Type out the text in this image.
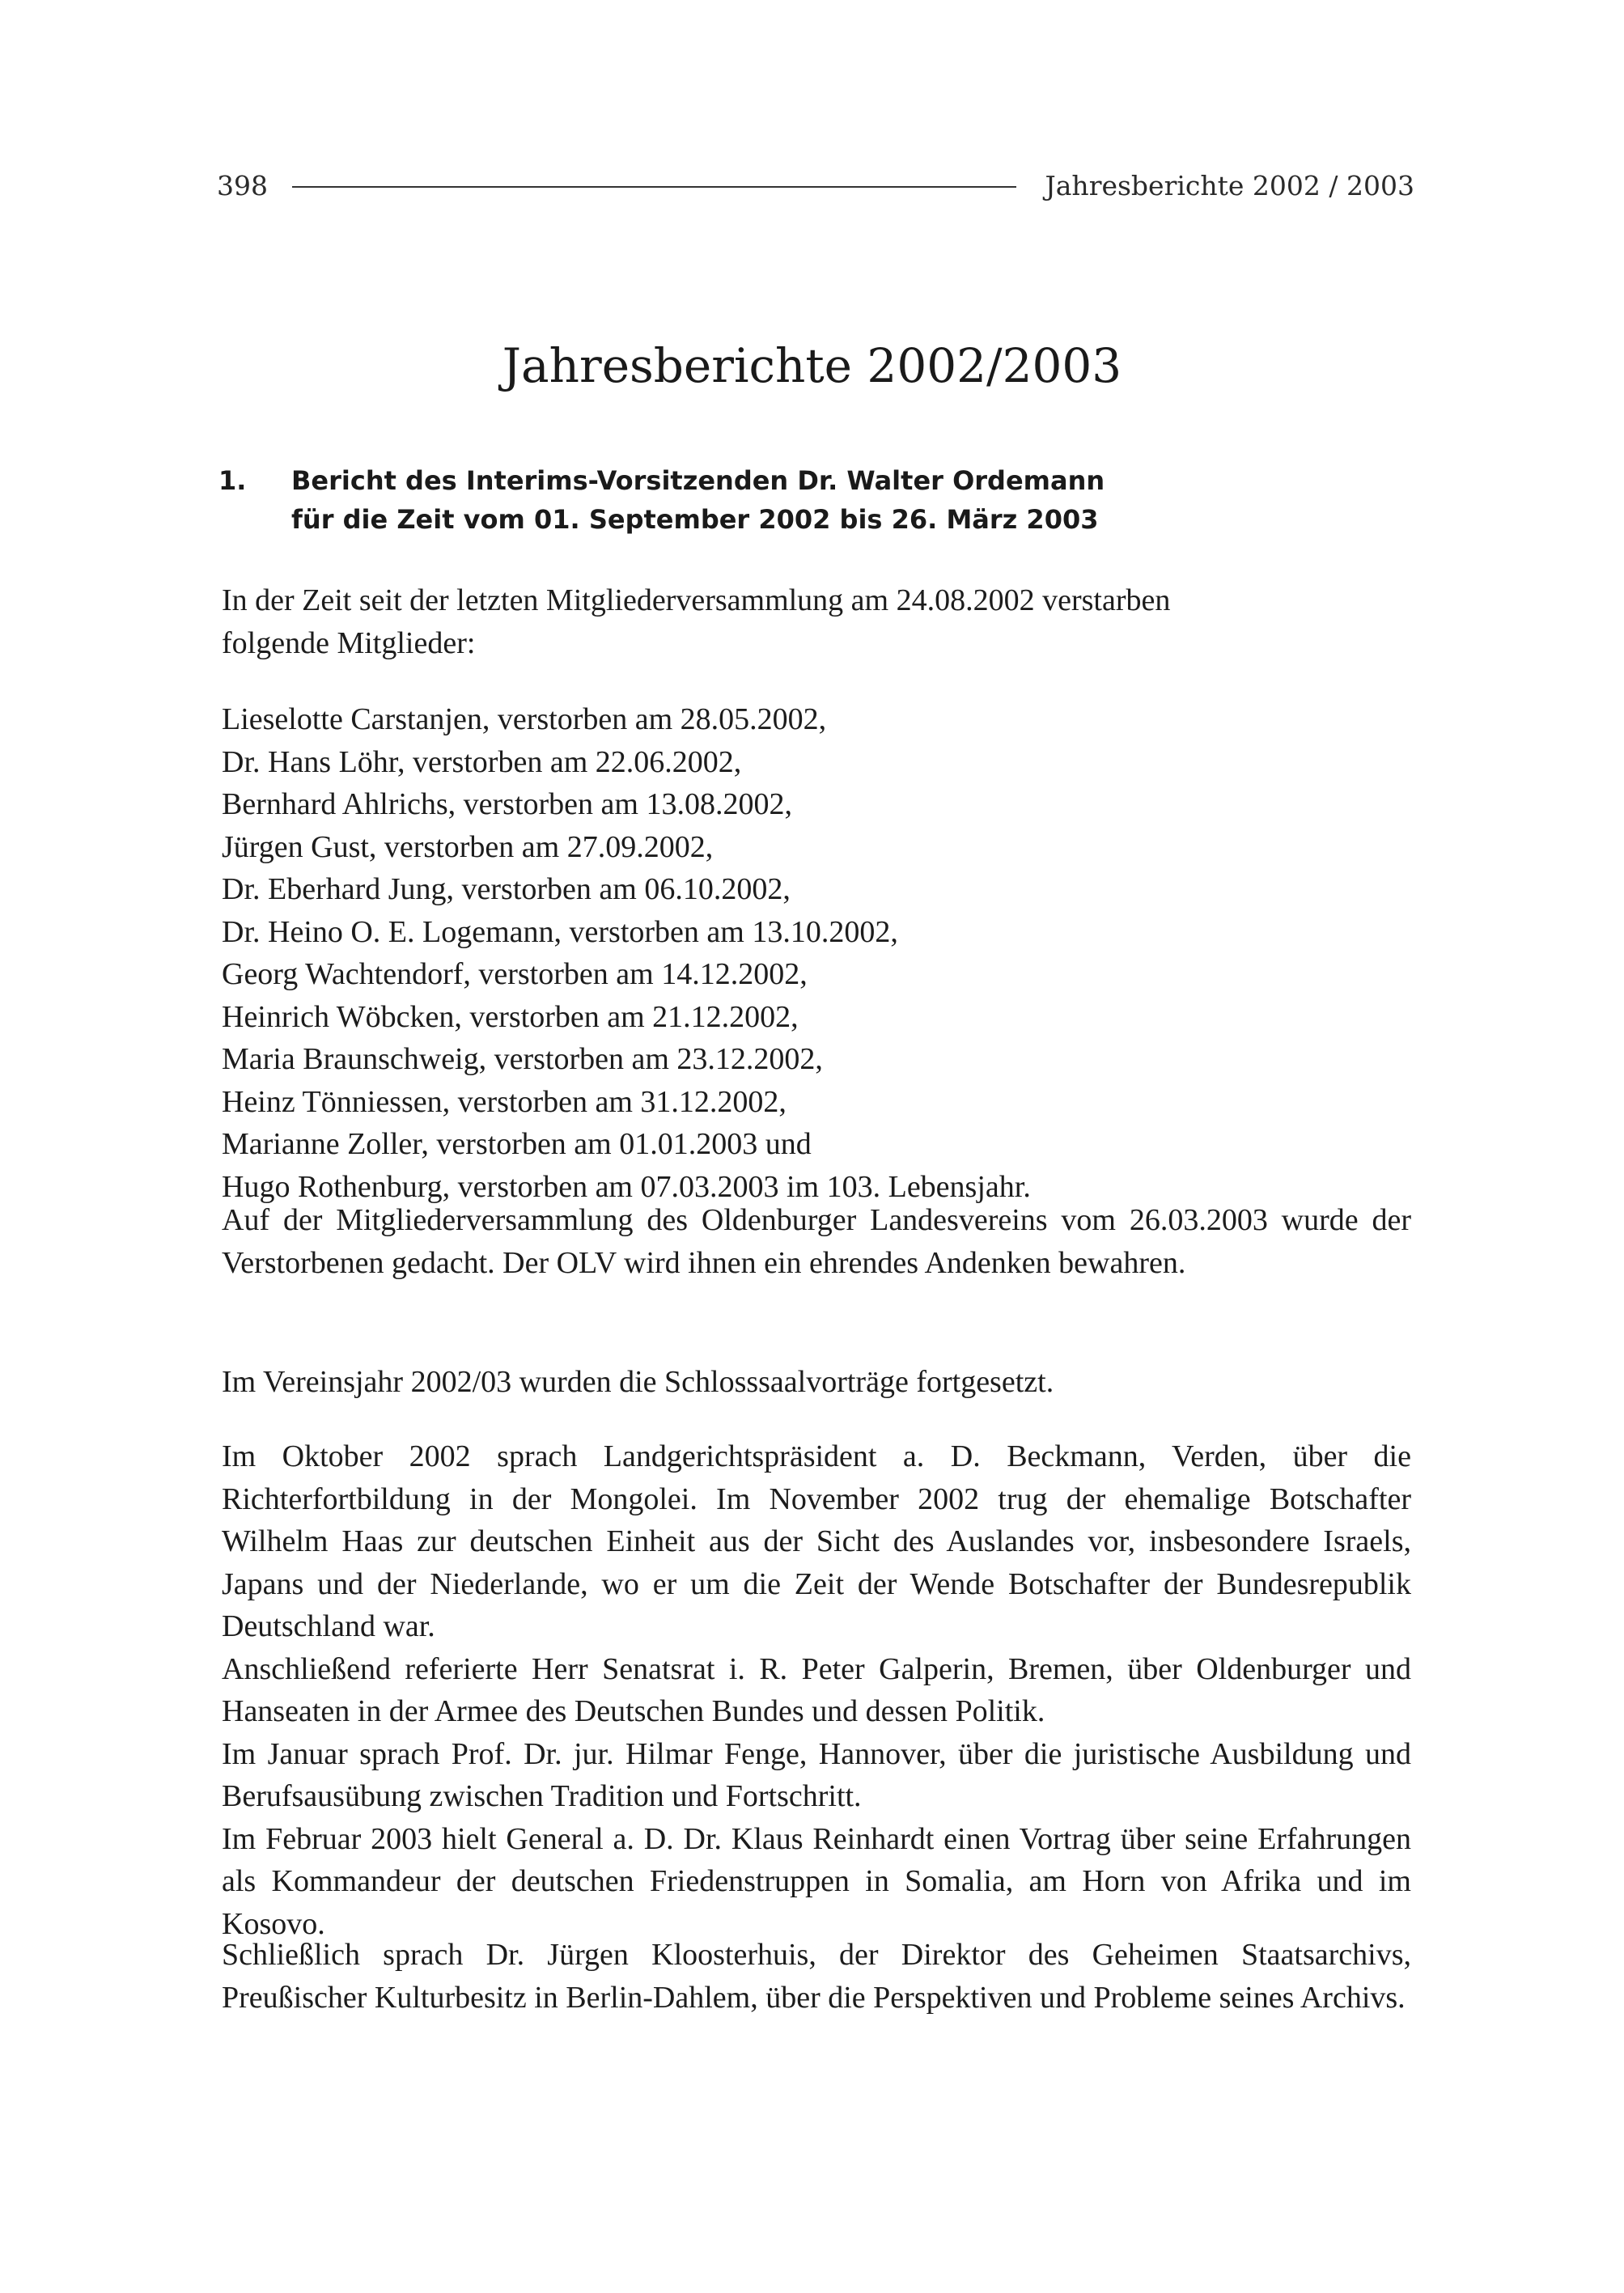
398	Jahresberichte 2002 / 2003
Jahresberichte 2002/2003
1.	Bericht des Interims-Vorsitzenden Dr. Walter Ordemann
für die Zeit vom 01. September 2002 bis 26. März 2003
In der Zeit seit der letzten Mitgliederversammlung am 24.08.2002 verstarben
folgende Mitglieder:
Lieselotte Carstanjen, verstorben am 28.05.2002,
Dr. Hans Löhr, verstorben am 22.06.2002,
Bernhard Ahlrichs, verstorben am 13.08.2002,
Jürgen Gust, verstorben am 27.09.2002,
Dr. Eberhard Jung, verstorben am 06.10.2002,
Dr. Heino O. E. Logemann, verstorben am 13.10.2002,
Georg Wachtendorf, verstorben am 14.12.2002,
Heinrich Wöbcken, verstorben am 21.12.2002,
Maria Braunschweig, verstorben am 23.12.2002,
Heinz Tönniessen, verstorben am 31.12.2002,
Marianne Zoller, verstorben am 01.01.2003 und
Hugo Rothenburg, verstorben am 07.03.2003 im 103. Lebensjahr.

Auf der Mitgliederversammlung des Oldenburger Landesvereins vom 26.03.2003 wurde der Verstorbenen gedacht. Der OLV wird ihnen ein ehrendes Andenken bewahren.

Im Vereinsjahr 2002/03 wurden die Schlosssaalvorträge fortgesetzt.

Im Oktober 2002 sprach Landgerichtspräsident a. D. Beckmann, Verden, über die Richterfortbildung in der Mongolei. Im November 2002 trug der ehemalige Botschafter Wilhelm Haas zur deutschen Einheit aus der Sicht des Auslandes vor, insbesondere Israels, Japans und der Niederlande, wo er um die Zeit der Wende Botschafter der Bundesrepublik Deutschland war.

Anschließend referierte Herr Senatsrat i. R. Peter Galperin, Bremen, über Oldenburger und Hanseaten in der Armee des Deutschen Bundes und dessen Politik.

Im Januar sprach Prof. Dr. jur. Hilmar Fenge, Hannover, über die juristische Ausbildung und Berufsausübung zwischen Tradition und Fortschritt.

Im Februar 2003 hielt General a. D. Dr. Klaus Reinhardt einen Vortrag über seine Erfahrungen als Kommandeur der deutschen Friedenstruppen in Somalia, am Horn von Afrika und im Kosovo.

Schließlich sprach Dr. Jürgen Kloosterhuis, der Direktor des Geheimen Staatsarchivs, Preußischer Kulturbesitz in Berlin-Dahlem, über die Perspektiven und Probleme seines Archivs.
